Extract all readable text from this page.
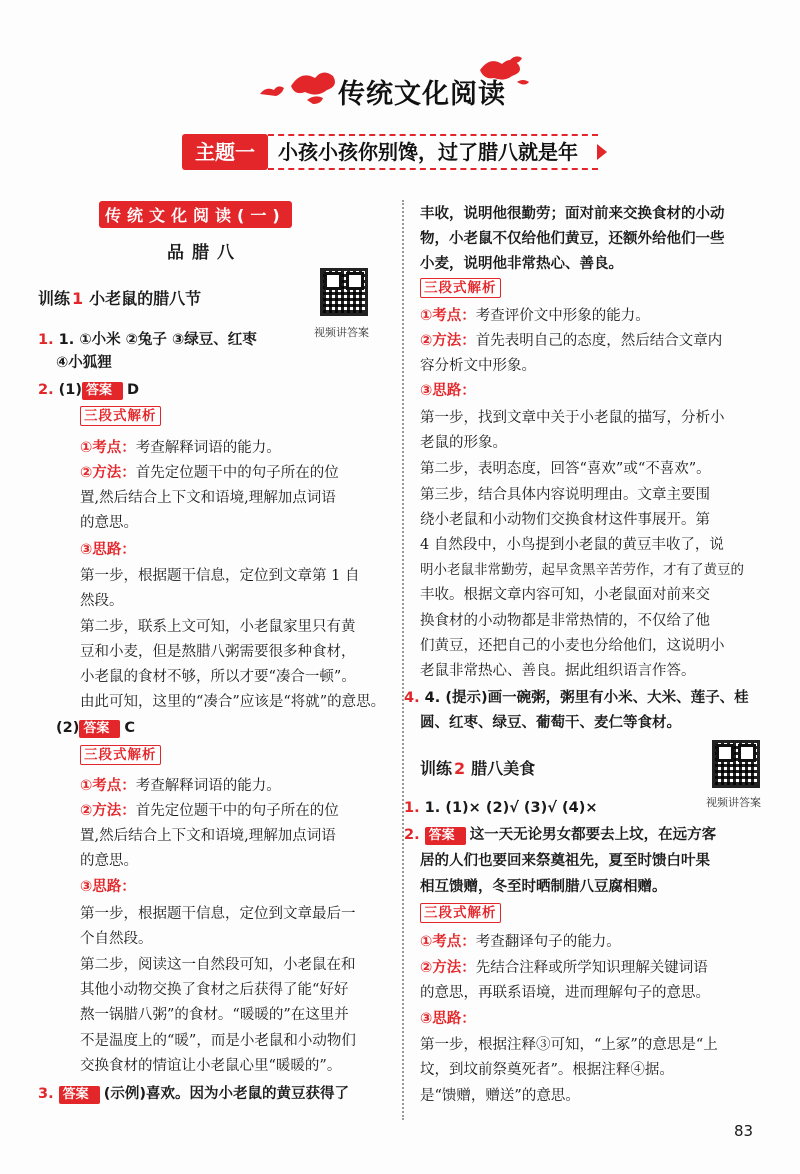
传统文化阅读
主题一	小孩小孩你别馋，过了腊八就是年
传统文化阅读(一)
品腊八
训练 1 小老鼠的腊八节
视频讲答案
1. 1. ①小米 ②兔子 ③绿豆、红枣
④小狐狸
2. (1) 答案 D
三段式解析
①考点：考查解释词语的能力。
②方法：首先定位题干中的句子所在的位
置,然后结合上下文和语境,理解加点词语
的意思。
③思路：
第一步，根据题干信息，定位到文章第 1 自
然段。
第二步，联系上文可知，小老鼠家里只有黄
豆和小麦，但是熬腊八粥需要很多种食材，
小老鼠的食材不够，所以才要“凑合一顿”。
由此可知，这里的“凑合”应该是“将就”的意思。
(2) 答案 C
三段式解析
①考点：考查解释词语的能力。
②方法：首先定位题干中的句子所在的位
置,然后结合上下文和语境,理解加点词语
的意思。
③思路：
第一步，根据题干信息，定位到文章最后一
个自然段。
第二步，阅读这一自然段可知，小老鼠在和
其他小动物交换了食材之后获得了能“好好
熬一锅腊八粥”的食材。“暖暖的”在这里并
不是温度上的“暖”，而是小老鼠和小动物们
交换食材的情谊让小老鼠心里“暖暖的”。
3. 答案 (示例)喜欢。因为小老鼠的黄豆获得了
丰收，说明他很勤劳；面对前来交换食材的小动
物，小老鼠不仅给他们黄豆，还额外给他们一些
小麦，说明他非常热心、善良。
三段式解析
①考点：考查评价文中形象的能力。
②方法：首先表明自己的态度，然后结合文章内
容分析文中形象。
③思路：
第一步，找到文章中关于小老鼠的描写，分析小
老鼠的形象。
第二步，表明态度，回答“喜欢”或“不喜欢”。
第三步，结合具体内容说明理由。文章主要围
绕小老鼠和小动物们交换食材这件事展开。第
4 自然段中，小鸟提到小老鼠的黄豆丰收了，说
明小老鼠非常勤劳，起早贪黑辛苦劳作，才有了黄豆的
丰收。根据文章内容可知，小老鼠面对前来交
换食材的小动物都是非常热情的，不仅给了他
们黄豆，还把自己的小麦也分给他们，这说明小
老鼠非常热心、善良。据此组织语言作答。
4. 4. (提示)画一碗粥，粥里有小米、大米、莲子、桂
圆、红枣、绿豆、葡萄干、麦仁等食材。
训练 2 腊八美食
视频讲答案
1. 1. (1)× (2)√ (3)√ (4)×
2. 答案 这一天无论男女都要去上坟，在远方客
居的人们也要回来祭奠祖先，夏至时馈白叶果
相互馈赠，冬至时晒制腊八豆腐相赠。
三段式解析
①考点：考查翻译句子的能力。
②方法：先结合注释或所学知识理解关键词语
的意思，再联系语境，进而理解句子的意思。
③思路：
第一步，根据注释③可知，“上冢”的意思是“上
坟，到坟前祭奠死者”。根据注释④据。
是“馈赠，赠送”的意思。
83
